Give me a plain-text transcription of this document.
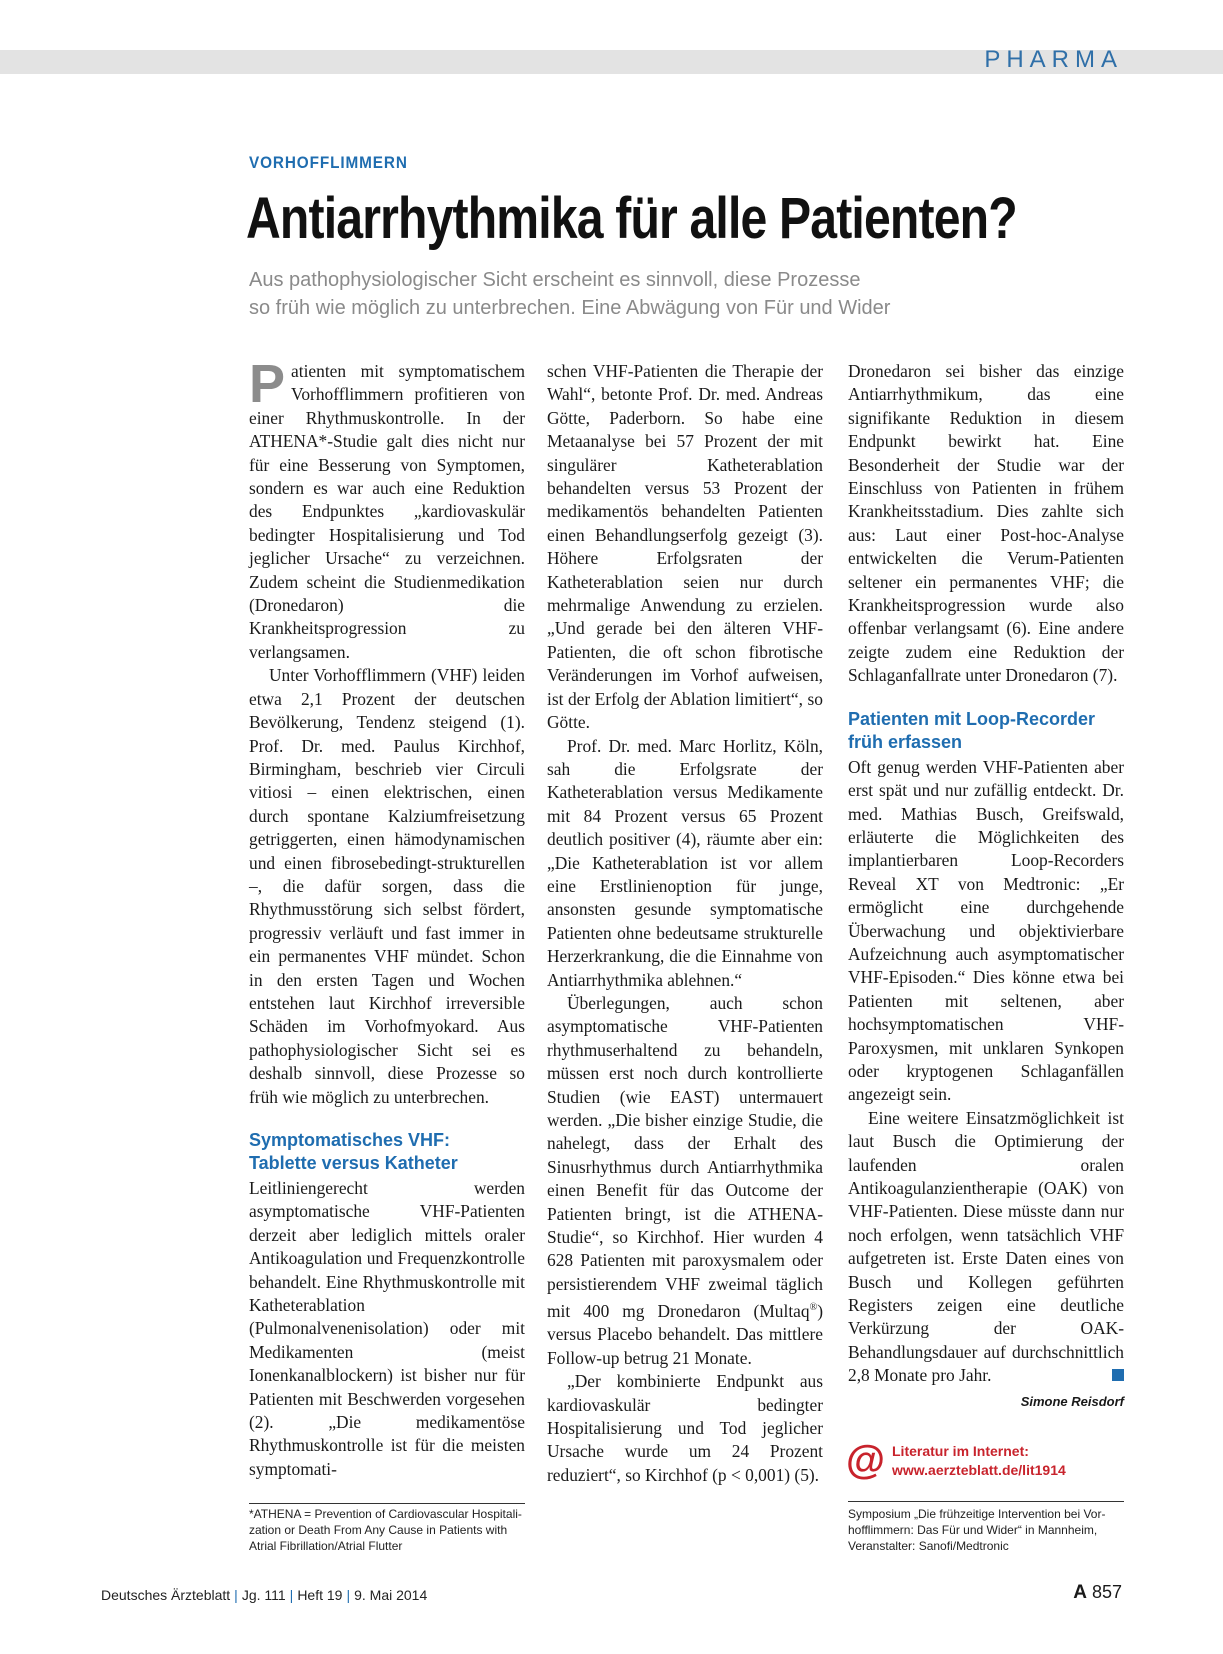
PHARMA
VORHOFFLIMMERN
Antiarrhythmika für alle Patienten?
Aus pathophysiologischer Sicht erscheint es sinnvoll, diese Prozesse
so früh wie möglich zu unterbrechen. Eine Abwägung von Für und Wider

Patienten mit symptomatischem Vorhofflimmern profitieren von einer Rhythmuskontrolle. In der ATHENA*-Studie galt dies nicht nur für eine Besserung von Symptomen, sondern es war auch eine Reduktion des Endpunktes „kardiovaskulär bedingter Hospitalisierung und Tod jeglicher Ursache“ zu verzeichnen. Zudem scheint die Studienmedikation (Dronedaron) die Krankheitsprogression zu verlangsamen.

Unter Vorhofflimmern (VHF) leiden etwa 2,1 Prozent der deutschen Bevölkerung, Tendenz steigend (1). Prof. Dr. med. Paulus Kirchhof, Birmingham, beschrieb vier Circuli vitiosi – einen elektrischen, einen durch spontane Kalziumfreisetzung getriggerten, einen hämodynamischen und einen fibrosebedingt-strukturellen –, die dafür sorgen, dass die Rhythmusstörung sich selbst fördert, progressiv verläuft und fast immer in ein permanentes VHF mündet. Schon in den ersten Tagen und Wochen entstehen laut Kirchhof irreversible Schäden im Vorhofmyokard. Aus pathophysiologischer Sicht sei es deshalb sinnvoll, diese Prozesse so früh wie möglich zu unterbrechen.

Symptomatisches VHF:
Tablette versus Katheter

Leitliniengerecht werden asymptomatische VHF-Patienten derzeit aber lediglich mittels oraler Antikoagulation und Frequenzkontrolle behandelt. Eine Rhythmuskontrolle mit Katheterablation (Pulmonalvenenisolation) oder mit Medikamenten (meist Ionenkanalblockern) ist bisher nur für Patienten mit Beschwerden vorgesehen (2). „Die medikamentöse Rhythmuskontrolle ist für die meisten symptomati-

schen VHF-Patienten die Therapie der Wahl“, betonte Prof. Dr. med. Andreas Götte, Paderborn. So habe eine Metaanalyse bei 57 Prozent der mit singulärer Katheterablation behandelten versus 53 Prozent der medikamentös behandelten Patienten einen Behandlungserfolg gezeigt (3). Höhere Erfolgsraten der Katheterablation seien nur durch mehrmalige Anwendung zu erzielen. „Und gerade bei den älteren VHF-Patienten, die oft schon fibrotische Veränderungen im Vorhof aufweisen, ist der Erfolg der Ablation limitiert“, so Götte.

Prof. Dr. med. Marc Horlitz, Köln, sah die Erfolgsrate der Katheterablation versus Medikamente mit 84 Prozent versus 65 Prozent deutlich positiver (4), räumte aber ein: „Die Katheterablation ist vor allem eine Erstlinienoption für junge, ansonsten gesunde symptomatische Patienten ohne bedeutsame strukturelle Herzerkrankung, die die Einnahme von Antiarrhythmika ablehnen.“

Überlegungen, auch schon asymptomatische VHF-Patienten rhythmuserhaltend zu behandeln, müssen erst noch durch kontrollierte Studien (wie EAST) untermauert werden. „Die bisher einzige Studie, die nahelegt, dass der Erhalt des Sinusrhythmus durch Antiarrhythmika einen Benefit für das Outcome der Patienten bringt, ist die ATHENA-Studie“, so Kirchhof. Hier wurden 4 628 Patienten mit paroxysmalem oder persistierendem VHF zweimal täglich mit 400 mg Dronedaron (Multaq®) versus Placebo behandelt. Das mittlere Follow-up betrug 21 Monate.

„Der kombinierte Endpunkt aus kardiovaskulär bedingter Hospitalisierung und Tod jeglicher Ursache wurde um 24 Prozent reduziert“, so Kirchhof (p < 0,001) (5).

Dronedaron sei bisher das einzige Antiarrhythmikum, das eine signifikante Reduktion in diesem Endpunkt bewirkt hat. Eine Besonderheit der Studie war der Einschluss von Patienten in frühem Krankheitsstadium. Dies zahlte sich aus: Laut einer Post-hoc-Analyse entwickelten die Verum-Patienten seltener ein permanentes VHF; die Krankheitsprogression wurde also offenbar verlangsamt (6). Eine andere zeigte zudem eine Reduktion der Schlaganfallrate unter Dronedaron (7).

Patienten mit Loop-Recorder
früh erfassen

Oft genug werden VHF-Patienten aber erst spät und nur zufällig entdeckt. Dr. med. Mathias Busch, Greifswald, erläuterte die Möglichkeiten des implantierbaren Loop-Recorders Reveal XT von Medtronic: „Er ermöglicht eine durchgehende Überwachung und objektivierbare Aufzeichnung auch asymptomatischer VHF-Episoden.“ Dies könne etwa bei Patienten mit seltenen, aber hochsymptomatischen VHF-Paroxysmen, mit unklaren Synkopen oder kryptogenen Schlaganfällen angezeigt sein.

Eine weitere Einsatzmöglichkeit ist laut Busch die Optimierung der laufenden oralen Antikoagulanzientherapie (OAK) von VHF-Patienten. Diese müsste dann nur noch erfolgen, wenn tatsächlich VHF aufgetreten ist. Erste Daten eines von Busch und Kollegen geführten Registers zeigen eine deutliche Verkürzung der OAK-Behandlungsdauer auf durchschnittlich 2,8 Monate pro Jahr.

Simone Reisdorf
@ Literatur im Internet:
www.aerzteblatt.de/lit1914
*ATHENA = Prevention of Cardiovascular Hospitali-
zation or Death From Any Cause in Patients with
Atrial Fibrillation/Atrial Flutter
Symposium „Die frühzeitige Intervention bei Vor-
hofflimmern: Das Für und Wider“ in Mannheim,
Veranstalter: Sanofi/Medtronic
Deutsches Ärzteblatt | Jg. 111 | Heft 19 | 9. Mai 2014	A 857
